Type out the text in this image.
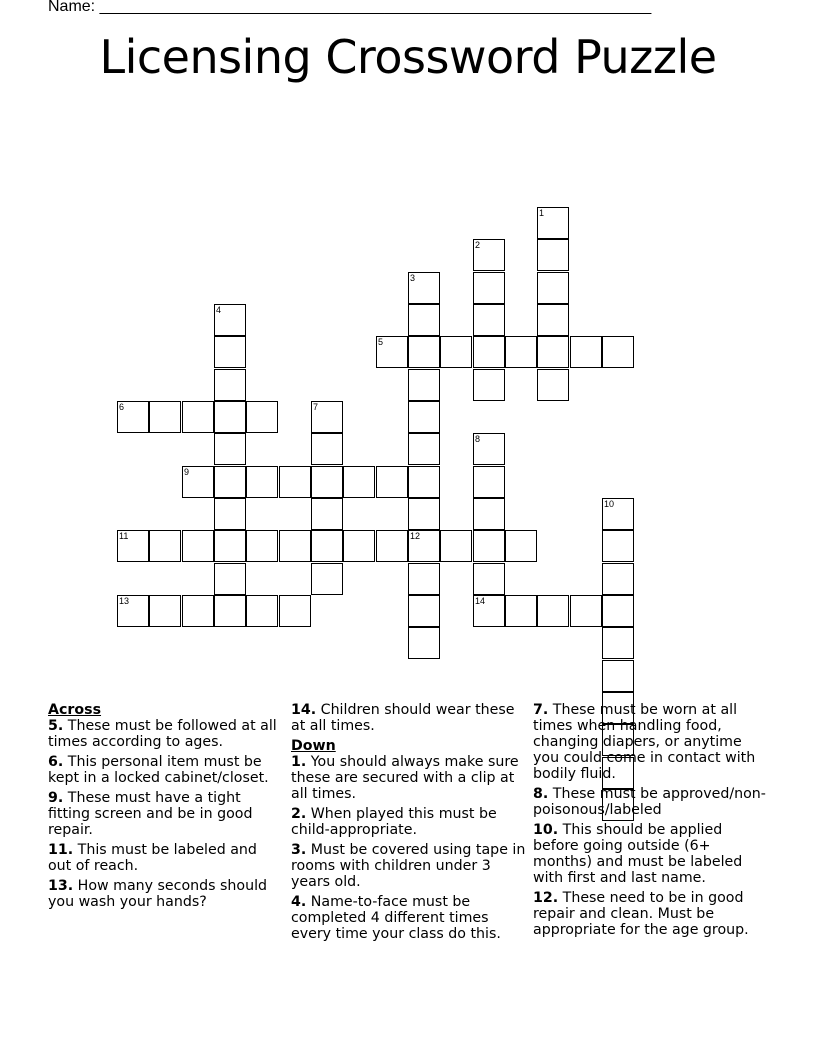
Name: ______________________________________________________________
Licensing Crossword Puzzle
1
2
3
4
5
6	7
8
9
10
11	12
13	14
Across
5. These must be followed at all times according to ages.
6. This personal item must be kept in a locked cabinet/closet.
9. These must have a tight fitting screen and be in good repair.
11. This must be labeled and out of reach.
13. How many seconds should you wash your hands?
14. Children should wear these at all times.
Down
1. You should always make sure these are secured with a clip at all times.
2. When played this must be child-appropriate.
3. Must be covered using tape in rooms with children under 3 years old.
4. Name-to-face must be completed 4 different times every time your class do this.
7. These must be worn at all times when handling food, changing diapers, or anytime you could come in contact with bodily fluid.
8. These must be approved/non-poisonous/labeled
10. This should be applied before going outside (6+ months) and must be labeled with first and last name.
12. These need to be in good repair and clean. Must be appropriate for the age group.
